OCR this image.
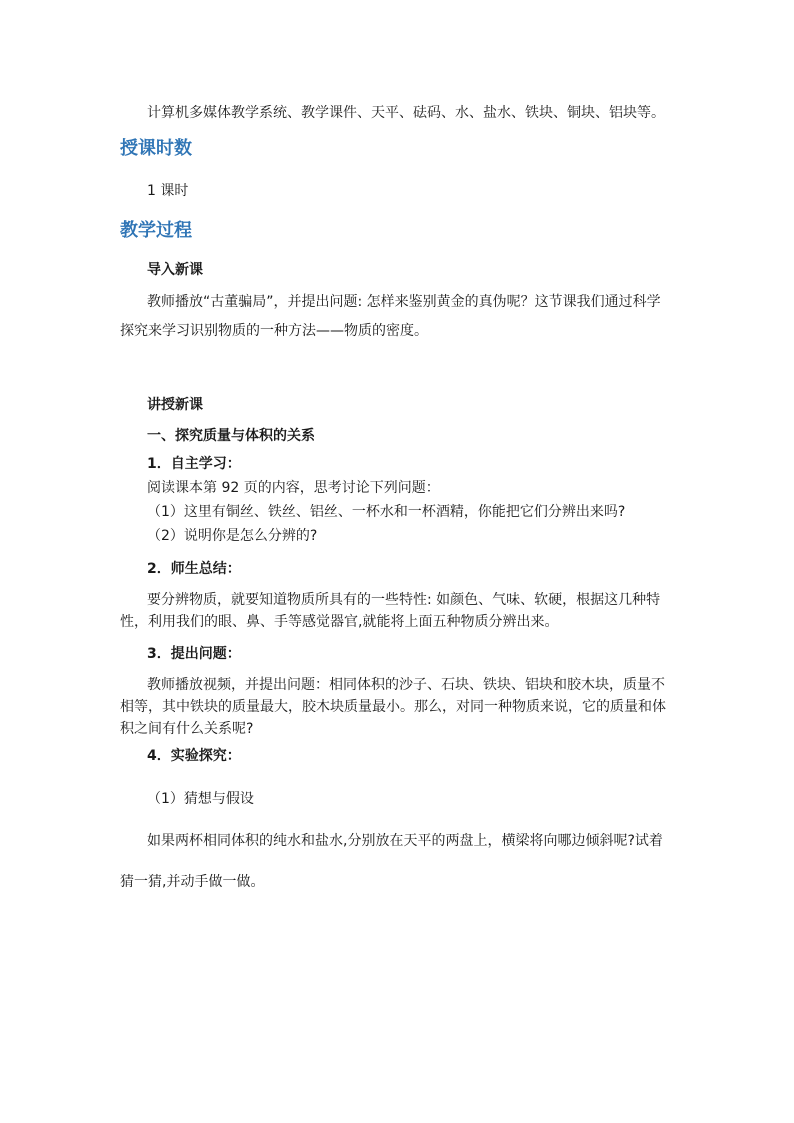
计算机多媒体教学系统、教学课件、天平、砝码、水、盐水、铁块、铜块、铝块等。
授课时数
1 课时
教学过程
导入新课
教师播放“古董骗局”，并提出问题: 怎样来鉴别黄金的真伪呢？这节课我们通过科学
探究来学习识别物质的一种方法——物质的密度。
讲授新课
一、探究质量与体积的关系
1．自主学习：
阅读课本第 92 页的内容，思考讨论下列问题：
（1）这里有铜丝、铁丝、铝丝、一杯水和一杯酒精，你能把它们分辨出来吗?
（2）说明你是怎么分辨的?
2．师生总结：
要分辨物质，就要知道物质所具有的一些特性: 如颜色、气味、软硬，根据这几种特
性，利用我们的眼、鼻、手等感觉器官,就能将上面五种物质分辨出来。
3．提出问题：
教师播放视频，并提出问题：相同体积的沙子、石块、铁块、铝块和胶木块，质量不
相等，其中铁块的质量最大，胶木块质量最小。那么，对同一种物质来说，它的质量和体
积之间有什么关系呢?
4．实验探究：
（1）猜想与假设
如果两杯相同体积的纯水和盐水,分别放在天平的两盘上，横梁将向哪边倾斜呢?试着
猜一猜,并动手做一做。
